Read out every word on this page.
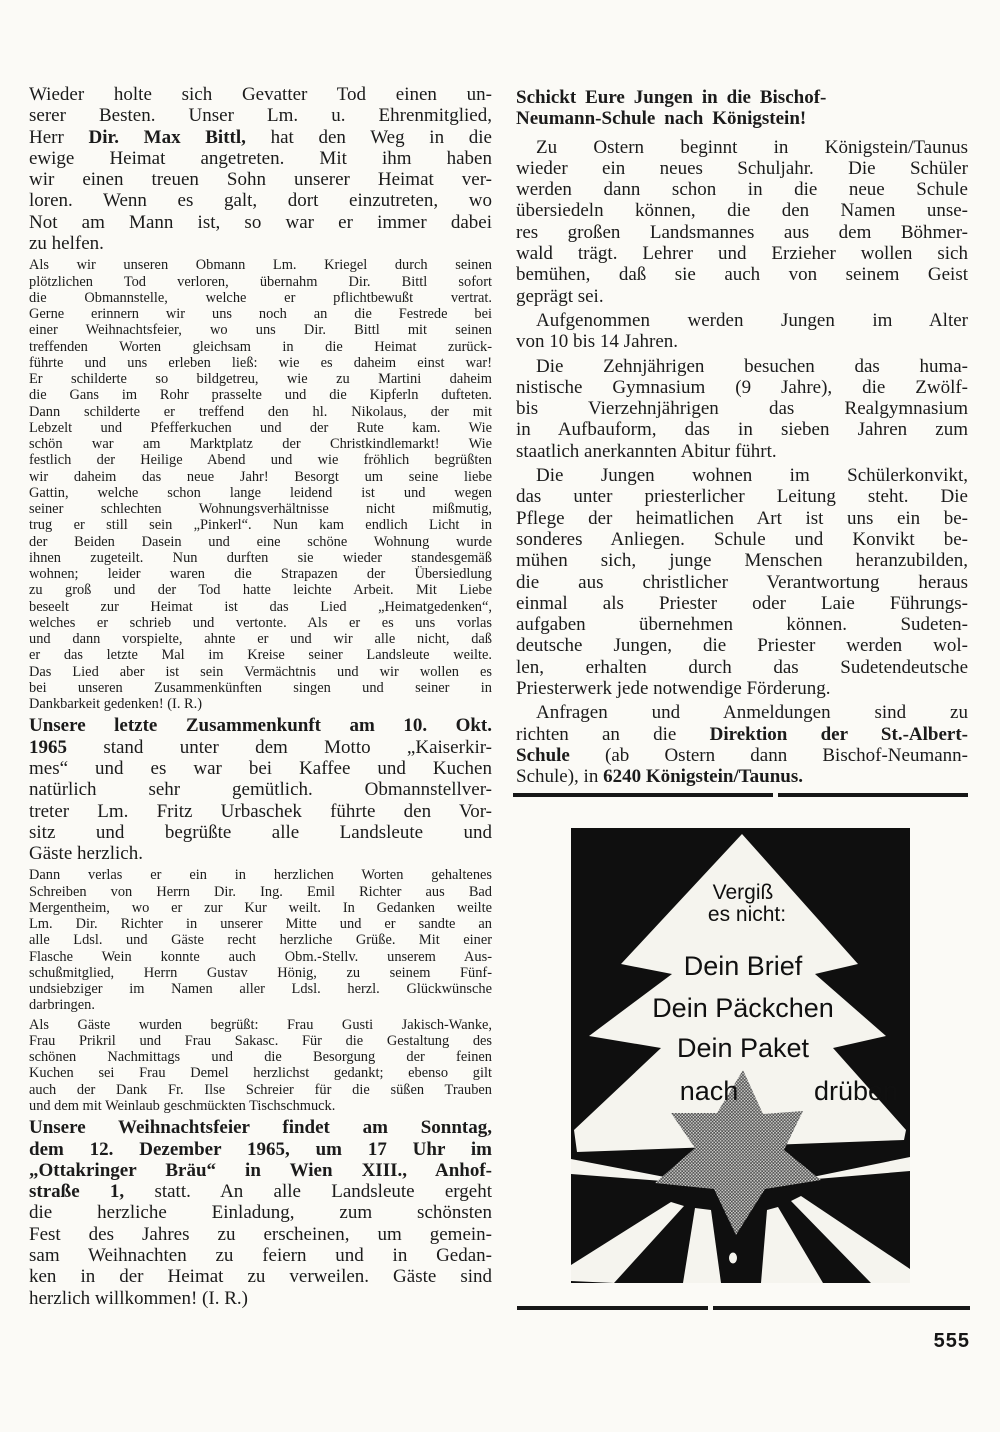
Wieder holte sich Gevatter Tod einen un-
serer Besten. Unser Lm. u. Ehrenmitglied,
Herr Dir. Max Bittl, hat den Weg in die
ewige Heimat angetreten. Mit ihm haben
wir einen treuen Sohn unserer Heimat ver-
loren. Wenn es galt, dort einzutreten, wo
Not am Mann ist, so war er immer dabei
zu helfen.
Als wir unseren Obmann Lm. Kriegel durch seinen
plötzlichen Tod verloren, übernahm Dir. Bittl sofort
die Obmannstelle, welche er pflichtbewußt vertrat.
Gerne erinnern wir uns noch an die Festrede bei
einer Weihnachtsfeier, wo uns Dir. Bittl mit seinen
treffenden Worten gleichsam in die Heimat zurück-
führte und uns erleben ließ: wie es daheim einst war!
Er schilderte so bildgetreu, wie zu Martini daheim
die Gans im Rohr prasselte und die Kipferln dufteten.
Dann schilderte er treffend den hl. Nikolaus, der mit
Lebzelt und Pfefferkuchen und der Rute kam. Wie
schön war am Marktplatz der Christkindlemarkt! Wie
festlich der Heilige Abend und wie fröhlich begrüßten
wir daheim das neue Jahr! Besorgt um seine liebe
Gattin, welche schon lange leidend ist und wegen
seiner schlechten Wohnungsverhältnisse nicht mißmutig,
trug er still sein „Pinkerl“. Nun kam endlich Licht in
der Beiden Dasein und eine schöne Wohnung wurde
ihnen zugeteilt. Nun durften sie wieder standesgemäß
wohnen; leider waren die Strapazen der Übersiedlung
zu groß und der Tod hatte leichte Arbeit. Mit Liebe
beseelt zur Heimat ist das Lied „Heimatgedenken“,
welches er schrieb und vertonte. Als er es uns vorlas
und dann vorspielte, ahnte er und wir alle nicht, daß
er das letzte Mal im Kreise seiner Landsleute weilte.
Das Lied aber ist sein Vermächtnis und wir wollen es
bei unseren Zusammenkünften singen und seiner in
Dankbarkeit gedenken! (I. R.)
Unsere letzte Zusammenkunft am 10. Okt.
1965 stand unter dem Motto „Kaiserkir-
mes“ und es war bei Kaffee und Kuchen
natürlich sehr gemütlich. Obmannstellver-
treter Lm. Fritz Urbaschek führte den Vor-
sitz und begrüßte alle Landsleute und
Gäste herzlich.
Dann verlas er ein in herzlichen Worten gehaltenes
Schreiben von Herrn Dir. Ing. Emil Richter aus Bad
Mergentheim, wo er zur Kur weilt. In Gedanken weilte
Lm. Dir. Richter in unserer Mitte und er sandte an
alle Ldsl. und Gäste recht herzliche Grüße. Mit einer
Flasche Wein konnte auch Obm.-Stellv. unserem Aus-
schußmitglied, Herrn Gustav Hönig, zu seinem Fünf-
undsiebziger im Namen aller Ldsl. herzl. Glückwünsche
darbringen.
Als Gäste wurden begrüßt: Frau Gusti Jakisch-Wanke,
Frau Prikril und Frau Sakasc. Für die Gestaltung des
schönen Nachmittags und die Besorgung der feinen
Kuchen sei Frau Demel herzlichst gedankt; ebenso gilt
auch der Dank Fr. Ilse Schreier für die süßen Trauben
und dem mit Weinlaub geschmückten Tischschmuck.
Unsere Weihnachtsfeier findet am Sonntag,
dem 12. Dezember 1965, um 17 Uhr im
„Ottakringer Bräu“ in Wien XIII., Anhof-
straße 1, statt. An alle Landsleute ergeht
die herzliche Einladung, zum schönsten
Fest des Jahres zu erscheinen, um gemein-
sam Weihnachten zu feiern und in Gedan-
ken in der Heimat zu verweilen. Gäste sind
herzlich willkommen! (I. R.)
Schickt Eure Jungen in die Bischof-
Neumann-Schule nach Königstein!
Zu Ostern beginnt in Königstein/Taunus
wieder ein neues Schuljahr. Die Schüler
werden dann schon in die neue Schule
übersiedeln können, die den Namen unse-
res großen Landsmannes aus dem Böhmer-
wald trägt. Lehrer und Erzieher wollen sich
bemühen, daß sie auch von seinem Geist
geprägt sei.
Aufgenommen werden Jungen im Alter
von 10 bis 14 Jahren.
Die Zehnjährigen besuchen das huma-
nistische Gymnasium (9 Jahre), die Zwölf-
bis Vierzehnjährigen das Realgymnasium
in Aufbauform, das in sieben Jahren zum
staatlich anerkannten Abitur führt.
Die Jungen wohnen im Schülerkonvikt,
das unter priesterlicher Leitung steht. Die
Pflege der heimatlichen Art ist uns ein be-
sonderes Anliegen. Schule und Konvikt be-
mühen sich, junge Menschen heranzubilden,
die aus christlicher Verantwortung heraus
einmal als Priester oder Laie Führungs-
aufgaben übernehmen können. Sudeten-
deutsche Jungen, die Priester werden wol-
len, erhalten durch das Sudetendeutsche
Priesterwerk jede notwendige Förderung.
Anfragen und Anmeldungen sind zu
richten an die Direktion der St.-Albert-
Schule (ab Ostern dann Bischof-Neumann-
Schule), in 6240 Königstein/Taunus.
Vergiß
es nicht:
Dein Brief
Dein Päckchen
Dein Paket
nach	drüben
555
